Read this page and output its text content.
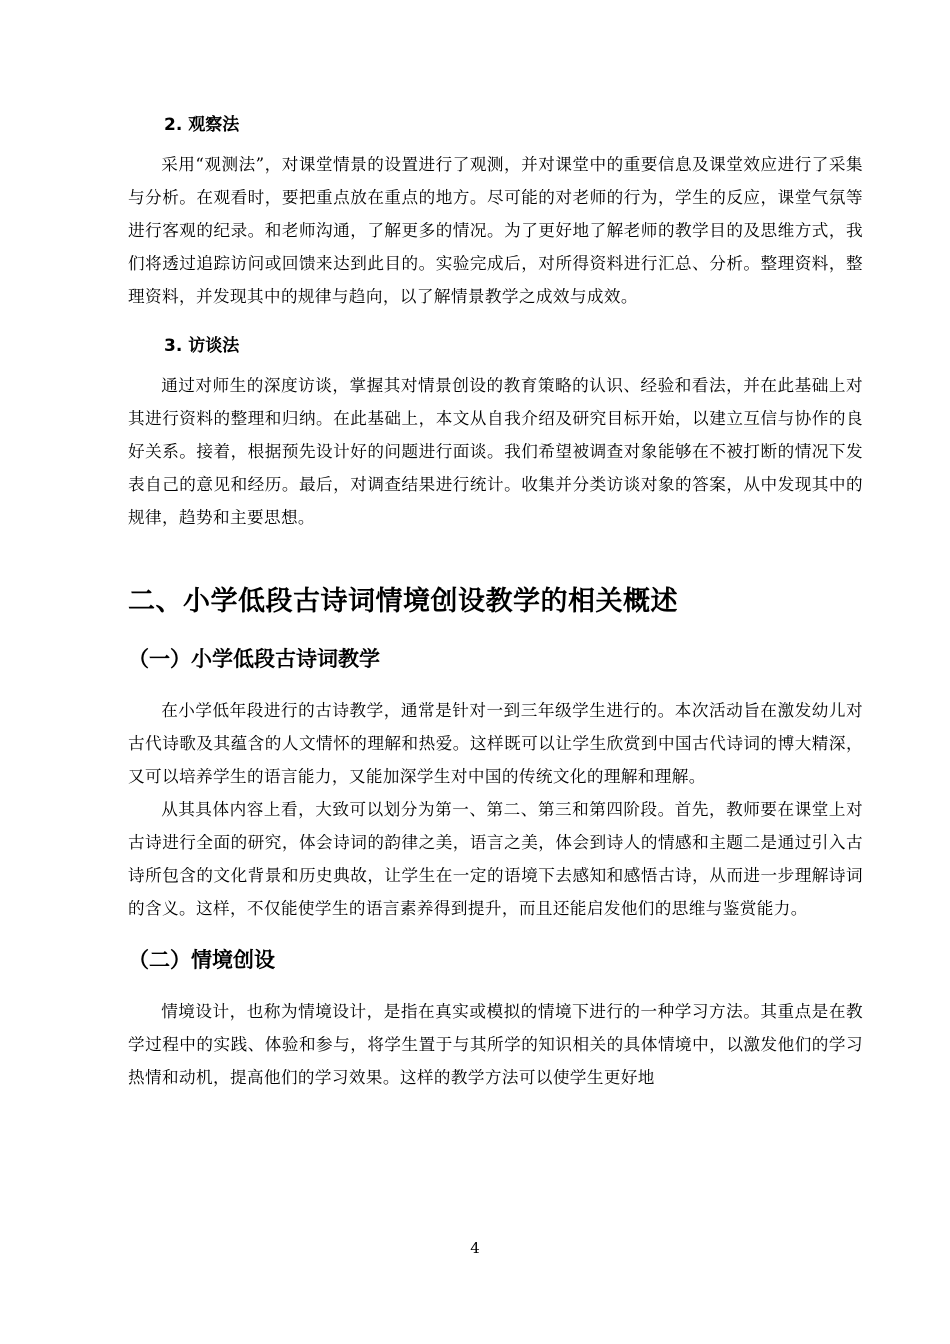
2. 观察法

采用“观测法”，对课堂情景的设置进行了观测，并对课堂中的重要信息及课堂效应进行了采集与分析。在观看时，要把重点放在重点的地方。尽可能的对老师的行为，学生的反应，课堂气氛等进行客观的纪录。和老师沟通，了解更多的情况。为了更好地了解老师的教学目的及思维方式，我们将透过追踪访问或回馈来达到此目的。实验完成后，对所得资料进行汇总、分析。整理资料，整理资料，并发现其中的规律与趋向，以了解情景教学之成效与成效。

3. 访谈法

通过对师生的深度访谈，掌握其对情景创设的教育策略的认识、经验和看法，并在此基础上对其进行资料的整理和归纳。在此基础上，本文从自我介绍及研究目标开始，以建立互信与协作的良好关系。接着，根据预先设计好的问题进行面谈。我们希望被调查对象能够在不被打断的情况下发表自己的意见和经历。最后，对调查结果进行统计。收集并分类访谈对象的答案，从中发现其中的规律，趋势和主要思想。

二、小学低段古诗词情境创设教学的相关概述
（一）小学低段古诗词教学

在小学低年段进行的古诗教学，通常是针对一到三年级学生进行的。本次活动旨在激发幼儿对古代诗歌及其蕴含的人文情怀的理解和热爱。这样既可以让学生欣赏到中国古代诗词的博大精深，又可以培养学生的语言能力，又能加深学生对中国的传统文化的理解和理解。

从其具体内容上看，大致可以划分为第一、第二、第三和第四阶段。首先，教师要在课堂上对古诗进行全面的研究，体会诗词的韵律之美，语言之美，体会到诗人的情感和主题二是通过引入古诗所包含的文化背景和历史典故，让学生在一定的语境下去感知和感悟古诗，从而进一步理解诗词的含义。这样，不仅能使学生的语言素养得到提升，而且还能启发他们的思维与鉴赏能力。

（二）情境创设

情境设计，也称为情境设计，是指在真实或模拟的情境下进行的一种学习方法。其重点是在教学过程中的实践、体验和参与，将学生置于与其所学的知识相关的具体情境中，以激发他们的学习热情和动机，提高他们的学习效果。这样的教学方法可以使学生更好地

4
